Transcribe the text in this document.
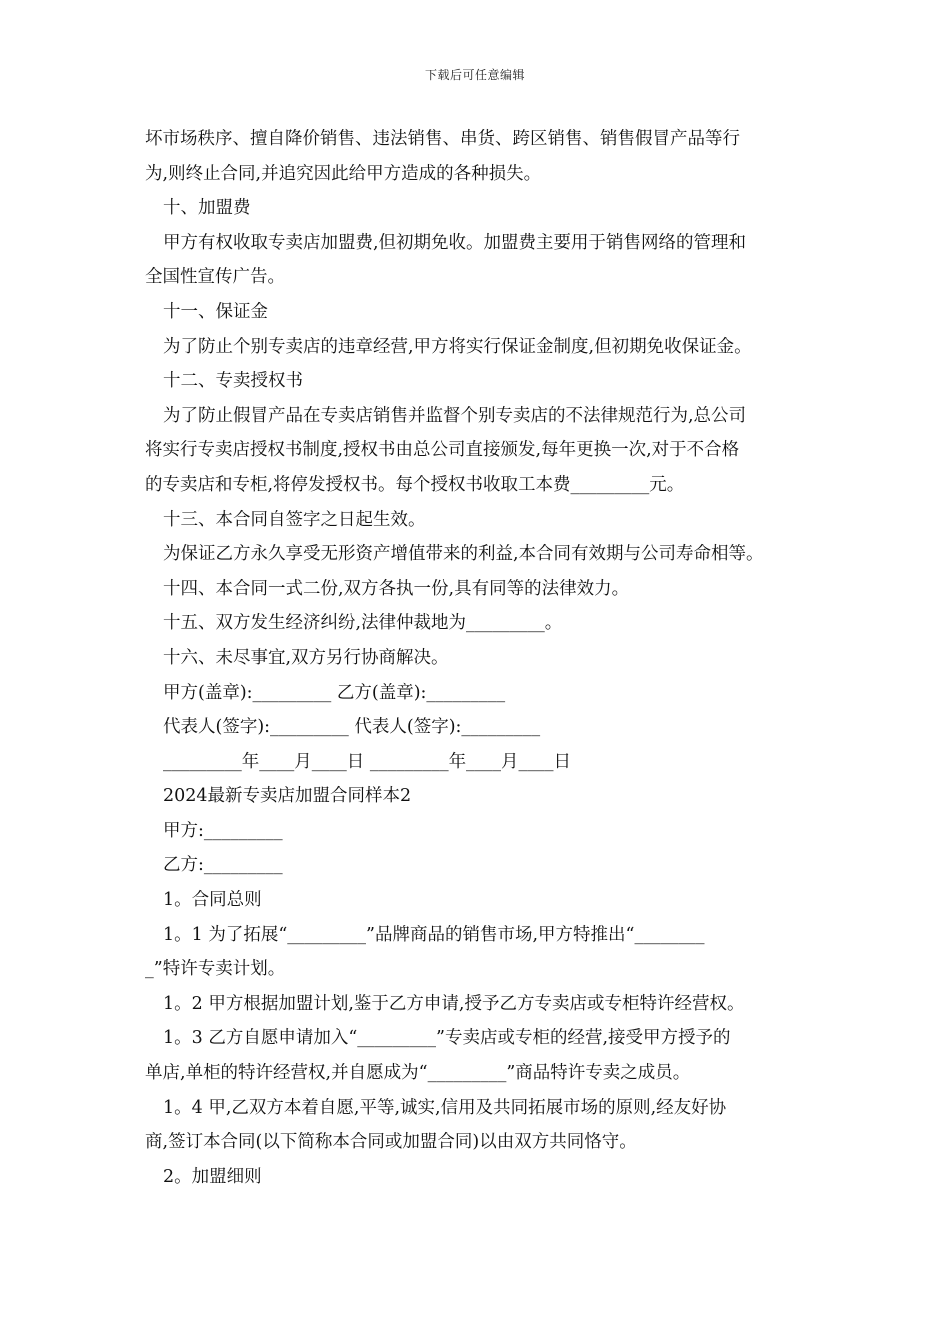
下载后可任意编辑
坏市场秩序、擅自降价销售、违法销售、串货、跨区销售、销售假冒产品等行
为,则终止合同,并追究因此给甲方造成的各种损失。
十、加盟费
甲方有权收取专卖店加盟费,但初期免收。加盟费主要用于销售网络的管理和
全国性宣传广告。
十一、保证金
为了防止个别专卖店的违章经营,甲方将实行保证金制度,但初期免收保证金。
十二、专卖授权书
为了防止假冒产品在专卖店销售并监督个别专卖店的不法律规范行为,总公司
将实行专卖店授权书制度,授权书由总公司直接颁发,每年更换一次,对于不合格
的专卖店和专柜,将停发授权书。每个授权书收取工本费_________元。
十三、本合同自签字之日起生效。
为保证乙方永久享受无形资产增值带来的利益,本合同有效期与公司寿命相等。
十四、本合同一式二份,双方各执一份,具有同等的法律效力。
十五、双方发生经济纠纷,法律仲裁地为_________。
十六、未尽事宜,双方另行协商解决。
甲方(盖章):_________ 乙方(盖章):_________
代表人(签字):_________ 代表人(签字):_________
_________年____月____日 _________年____月____日
2024最新专卖店加盟合同样本2
甲方:_________
乙方:_________
1。合同总则
1。1 为了拓展“_________”品牌商品的销售市场,甲方特推出“________
_”特许专卖计划。
1。2 甲方根据加盟计划,鉴于乙方申请,授予乙方专卖店或专柜特许经营权。
1。3 乙方自愿申请加入“_________”专卖店或专柜的经营,接受甲方授予的
单店,单柜的特许经营权,并自愿成为“_________”商品特许专卖之成员。
1。4 甲,乙双方本着自愿,平等,诚实,信用及共同拓展市场的原则,经友好协
商,签订本合同(以下简称本合同或加盟合同)以由双方共同恪守。
2。加盟细则
